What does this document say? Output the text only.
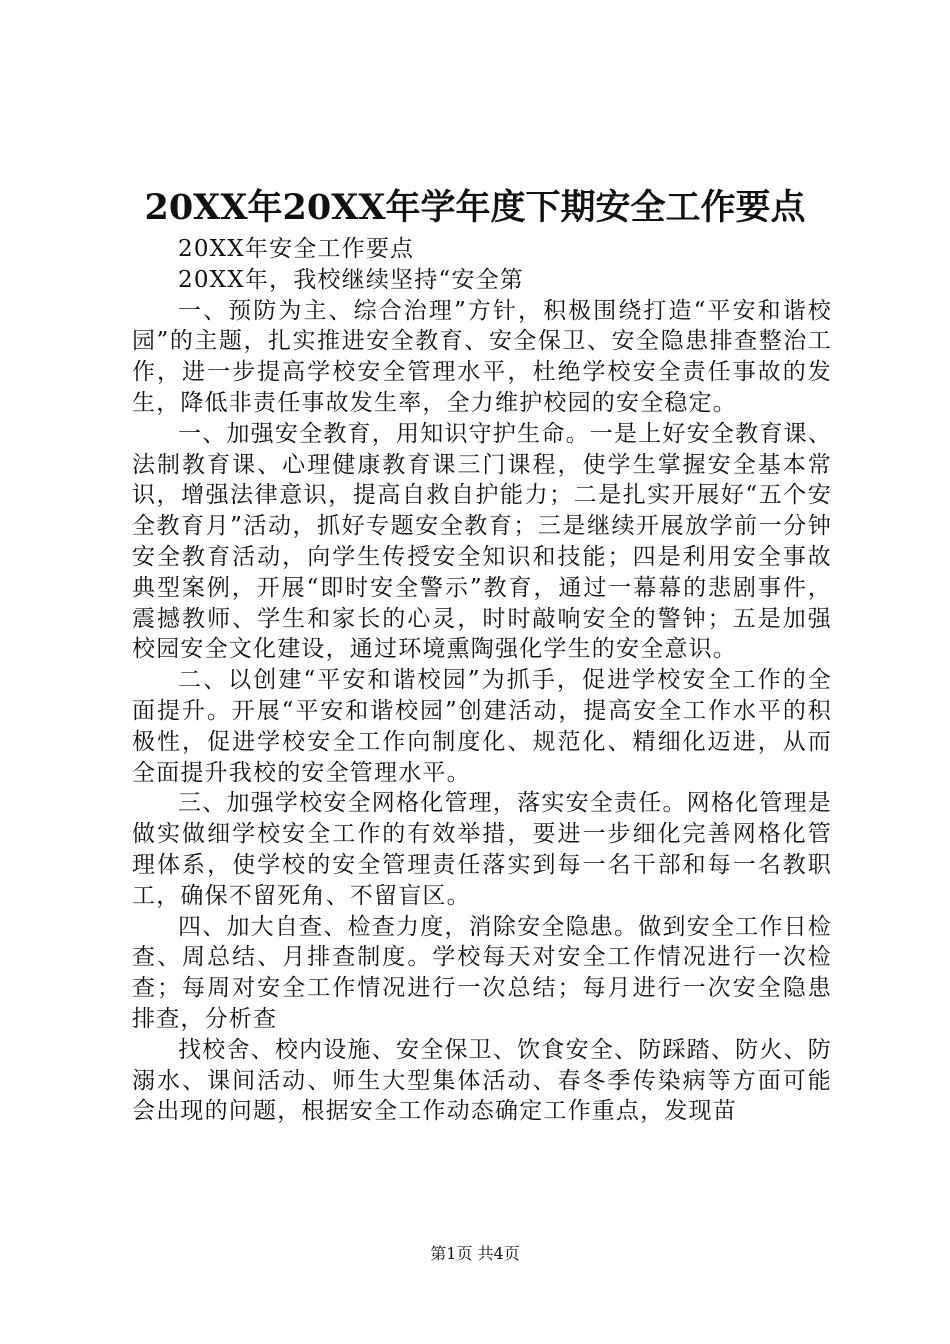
20XX年20XX年学年度下期安全工作要点

20XX年安全工作要点

20XX年，我校继续坚持“安全第

一、预防为主、综合治理”方针，积极围绕打造“平安和谐校园”的主题，扎实推进安全教育、安全保卫、安全隐患排查整治工作，进一步提高学校安全管理水平，杜绝学校安全责任事故的发生，降低非责任事故发生率，全力维护校园的安全稳定。

一、加强安全教育，用知识守护生命。一是上好安全教育课、法制教育课、心理健康教育课三门课程，使学生掌握安全基本常识，增强法律意识，提高自救自护能力；二是扎实开展好“五个安全教育月”活动，抓好专题安全教育；三是继续开展放学前一分钟安全教育活动，向学生传授安全知识和技能；四是利用安全事故典型案例，开展“即时安全警示”教育，通过一幕幕的悲剧事件，震撼教师、学生和家长的心灵，时时敲响安全的警钟；五是加强校园安全文化建设，通过环境熏陶强化学生的安全意识。

二、以创建“平安和谐校园”为抓手，促进学校安全工作的全面提升。开展“平安和谐校园”创建活动，提高安全工作水平的积极性，促进学校安全工作向制度化、规范化、精细化迈进，从而全面提升我校的安全管理水平。

三、加强学校安全网格化管理，落实安全责任。网格化管理是做实做细学校安全工作的有效举措，要进一步细化完善网格化管理体系，使学校的安全管理责任落实到每一名干部和每一名教职工，确保不留死角、不留盲区。

四、加大自查、检查力度，消除安全隐患。做到安全工作日检查、周总结、月排查制度。学校每天对安全工作情况进行一次检查；每周对安全工作情况进行一次总结；每月进行一次安全隐患排查，分析查

找校舍、校内设施、安全保卫、饮食安全、防踩踏、防火、防溺水、课间活动、师生大型集体活动、春冬季传染病等方面可能会出现的问题，根据安全工作动态确定工作重点，发现苗

第1页 共4页
